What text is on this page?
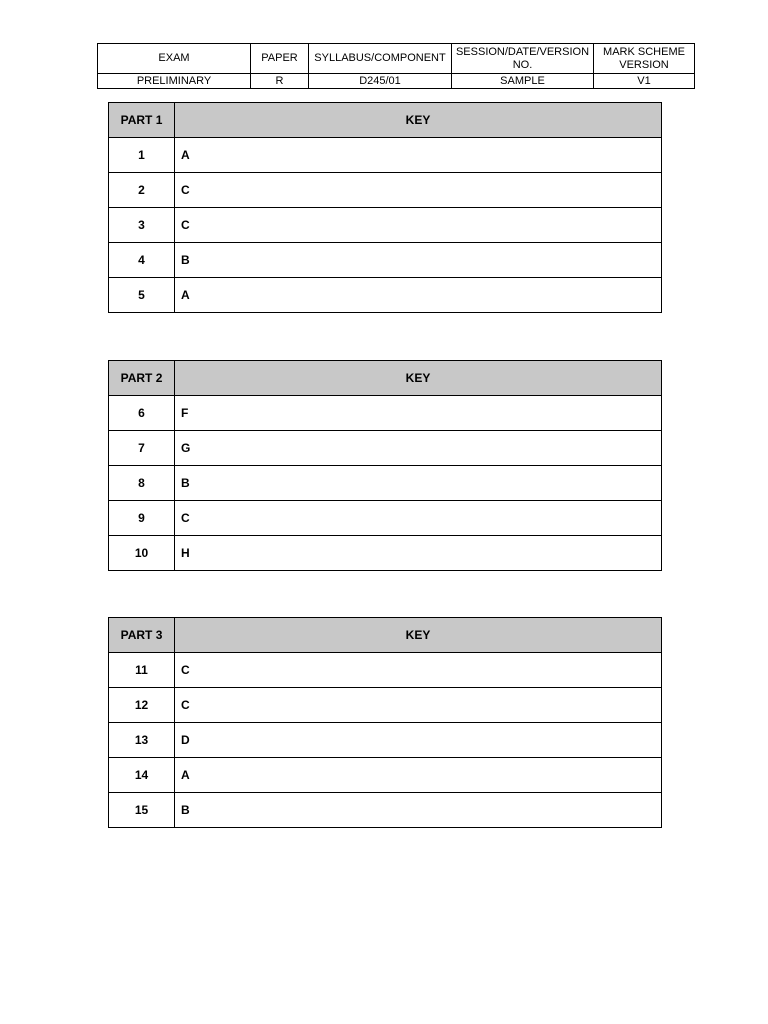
EXAM	PAPER	SYLLABUS/COMPONENT	SESSION/DATE/VERSION NO.	MARK SCHEME VERSION
PRELIMINARY	R	D245/01	SAMPLE	V1
PART 1	KEY
1	A
2	C
3	C
4	B
5	A
PART 2	KEY
6	F
7	G
8	B
9	C
10	H
PART 3	KEY
11	C
12	C
13	D
14	A
15	B
